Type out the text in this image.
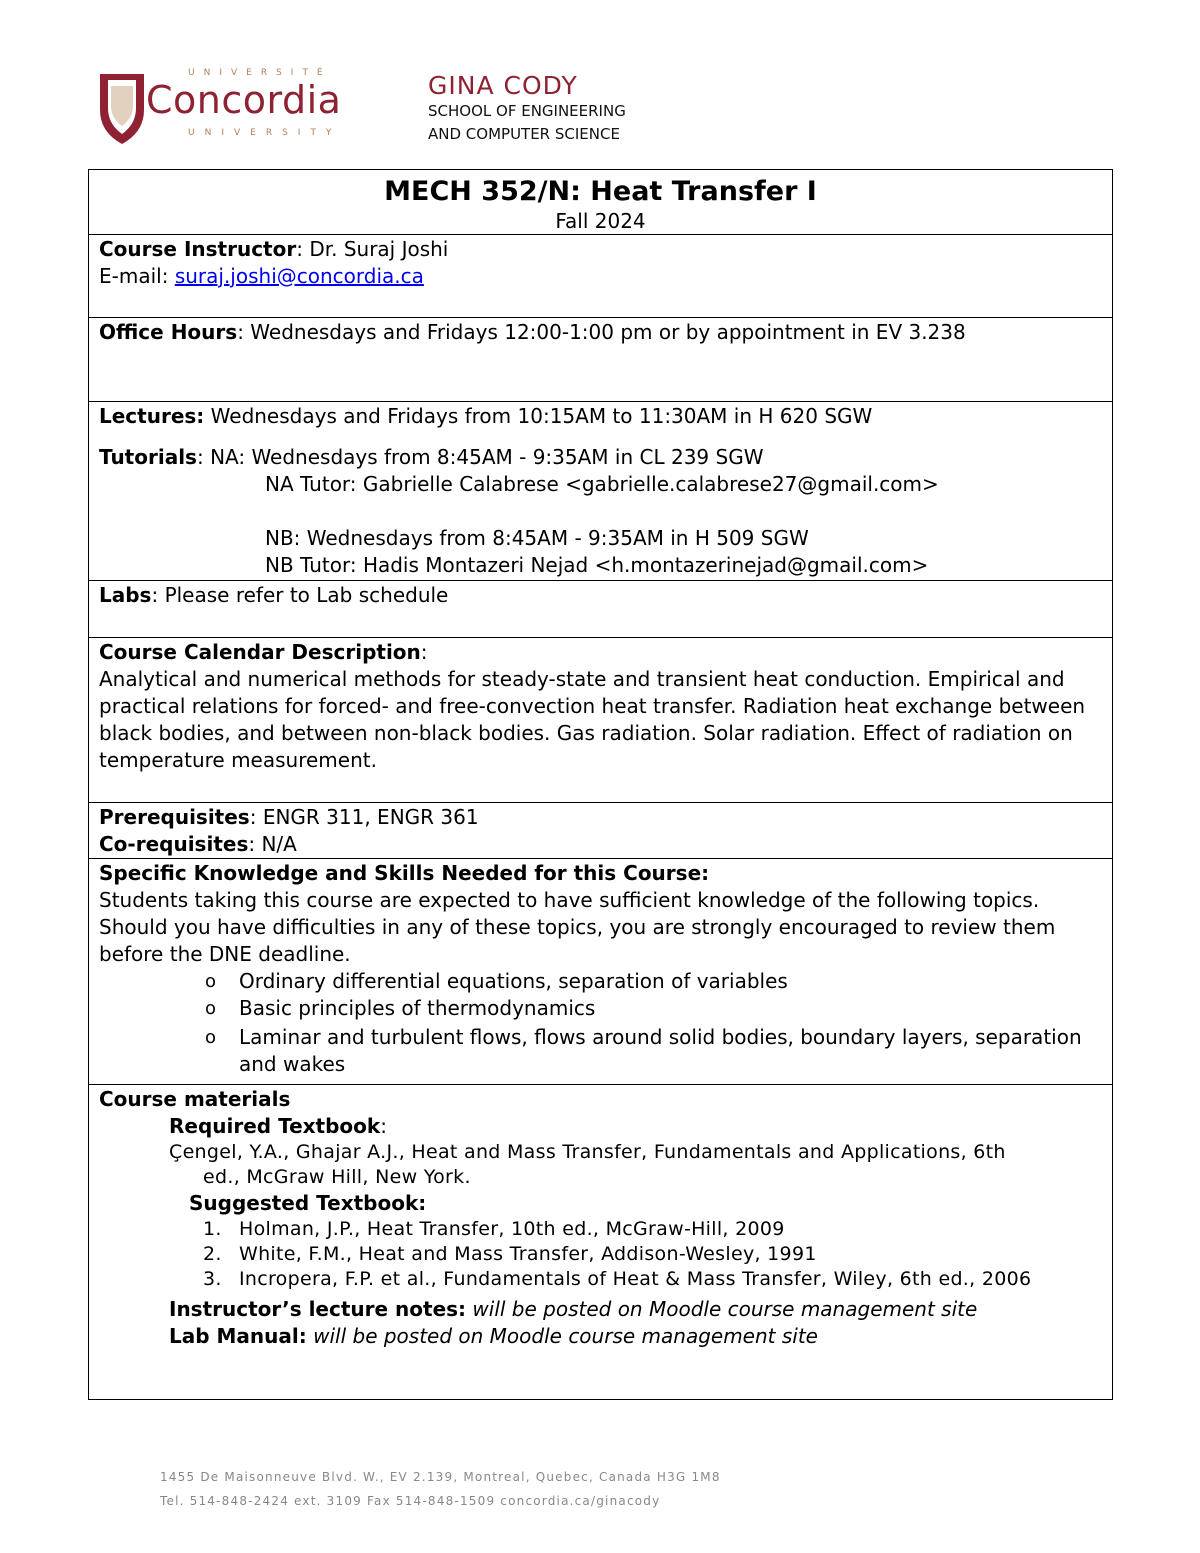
UNIVERSITÉ
Concordia
UNIVERSITY
GINA CODY
SCHOOL OF ENGINEERING
AND COMPUTER SCIENCE
MECH 352/N: Heat Transfer I
Fall 2024
Course Instructor: Dr. Suraj Joshi
E-mail: suraj.joshi@concordia.ca
Office Hours: Wednesdays and Fridays 12:00-1:00 pm or by appointment in EV 3.238
Lectures: Wednesdays and Fridays from 10:15AM to 11:30AM in H 620 SGW
Tutorials: NA: Wednesdays from 8:45AM - 9:35AM in CL 239 SGW
NA Tutor: Gabrielle Calabrese <gabrielle.calabrese27@gmail.com>
NB: Wednesdays from 8:45AM - 9:35AM in H 509 SGW
NB Tutor: Hadis Montazeri Nejad <h.montazerinejad@gmail.com>
Labs: Please refer to Lab schedule
Course Calendar Description:
Analytical and numerical methods for steady-state and transient heat conduction. Empirical and practical relations for forced- and free-convection heat transfer. Radiation heat exchange between black bodies, and between non-black bodies. Gas radiation. Solar radiation. Effect of radiation on temperature measurement.
Prerequisites: ENGR 311, ENGR 361
Co-requisites: N/A
Specific Knowledge and Skills Needed for this Course:
Students taking this course are expected to have sufficient knowledge of the following topics. Should you have difficulties in any of these topics, you are strongly encouraged to review them before the DNE deadline.
o Ordinary differential equations, separation of variables
o Basic principles of thermodynamics
o Laminar and turbulent flows, flows around solid bodies, boundary layers, separation and wakes
Course materials
Required Textbook:
Çengel, Y.A., Ghajar A.J., Heat and Mass Transfer, Fundamentals and Applications, 6th
ed., McGraw Hill, New York.
Suggested Textbook:
1. Holman, J.P., Heat Transfer, 10th ed., McGraw-Hill, 2009
2. White, F.M., Heat and Mass Transfer, Addison-Wesley, 1991
3. Incropera, F.P. et al., Fundamentals of Heat & Mass Transfer, Wiley, 6th ed., 2006
Instructor’s lecture notes: will be posted on Moodle course management site
Lab Manual: will be posted on Moodle course management site
1455 De Maisonneuve Blvd. W., EV 2.139, Montreal, Quebec, Canada H3G 1M8
Tel. 514-848-2424 ext. 3109 Fax 514-848-1509 concordia.ca/ginacody
